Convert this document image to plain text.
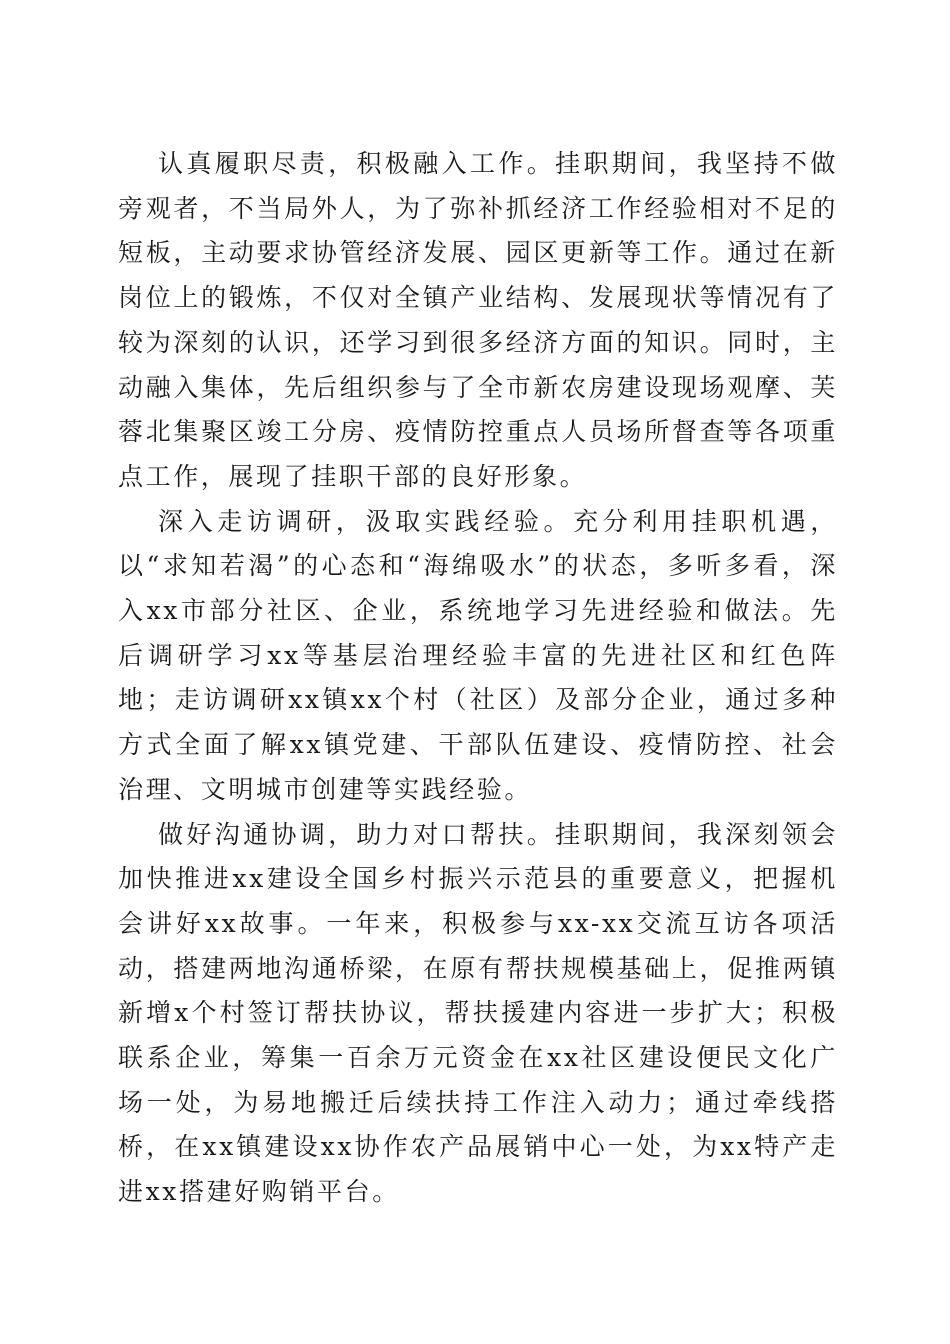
认真履职尽责，积极融入工作。挂职期间，我坚持不做旁观者，不当局外人，为了弥补抓经济工作经验相对不足的短板，主动要求协管经济发展、园区更新等工作。通过在新岗位上的锻炼，不仅对全镇产业结构、发展现状等情况有了较为深刻的认识，还学习到很多经济方面的知识。同时，主动融入集体，先后组织参与了全市新农房建设现场观摩、芙蓉北集聚区竣工分房、疫情防控重点人员场所督查等各项重点工作，展现了挂职干部的良好形象。

深入走访调研，汲取实践经验。充分利用挂职机遇，以“求知若渴”的心态和“海绵吸水”的状态，多听多看，深入xx市部分社区、企业，系统地学习先进经验和做法。先后调研学习xx等基层治理经验丰富的先进社区和红色阵地；走访调研xx镇xx个村（社区）及部分企业，通过多种方式全面了解xx镇党建、干部队伍建设、疫情防控、社会治理、文明城市创建等实践经验。

做好沟通协调，助力对口帮扶。挂职期间，我深刻领会加快推进xx建设全国乡村振兴示范县的重要意义，把握机会讲好xx故事。一年来，积极参与xx-xx交流互访各项活动，搭建两地沟通桥梁，在原有帮扶规模基础上，促推两镇新增x个村签订帮扶协议，帮扶援建内容进一步扩大；积极联系企业，筹集一百余万元资金在xx社区建设便民文化广场一处，为易地搬迁后续扶持工作注入动力；通过牵线搭桥，在xx镇建设xx协作农产品展销中心一处，为xx特产走进xx搭建好购销平台。
